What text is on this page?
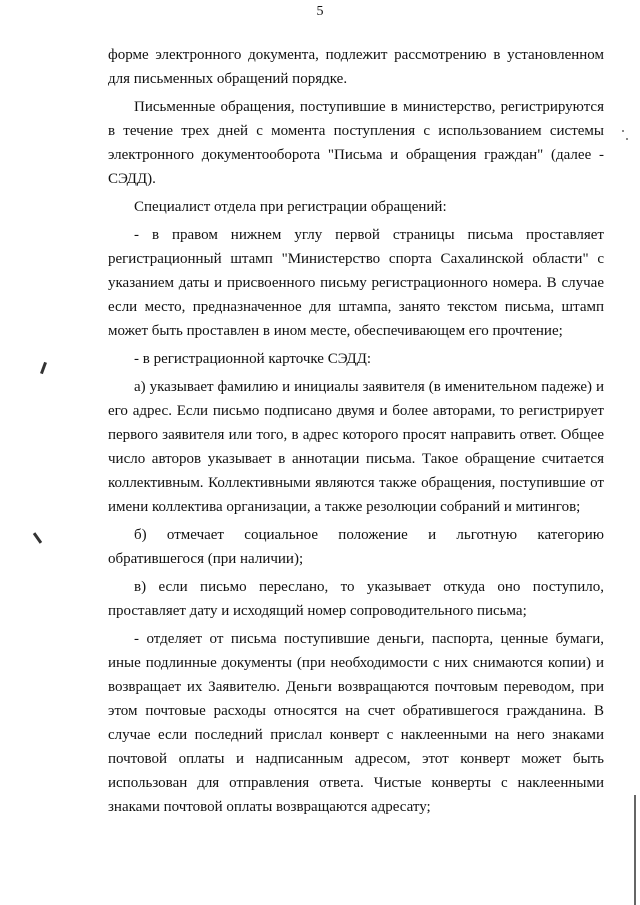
5

форме электронного документа, подлежит рассмотрению в установленном для письменных обращений порядке.

Письменные обращения, поступившие в министерство, регистрируются в течение трех дней с момента поступления с использованием системы электронного документооборота "Письма и обращения граждан" (далее - СЭДД).

Специалист отдела при регистрации обращений:

- в правом нижнем углу первой страницы письма проставляет регистрационный штамп "Министерство спорта Сахалинской области" с указанием даты и присвоенного письму регистрационного номера. В случае если место, предназначенное для штампа, занято текстом письма, штамп может быть проставлен в ином месте, обеспечивающем его прочтение;

- в регистрационной карточке СЭДД:

а) указывает фамилию и инициалы заявителя (в именительном падеже) и его адрес. Если письмо подписано двумя и более авторами, то регистрирует первого заявителя или того, в адрес которого просят направить ответ. Общее число авторов указывает в аннотации письма. Такое обращение считается коллективным. Коллективными являются также обращения, поступившие от имени коллектива организации, а также резолюции собраний и митингов;

б) отмечает социальное положение и льготную категорию обратившегося (при наличии);

в) если письмо переслано, то указывает откуда оно поступило, проставляет дату и исходящий номер сопроводительного письма;

- отделяет от письма поступившие деньги, паспорта, ценные бумаги, иные подлинные документы (при необходимости с них снимаются копии) и возвращает их Заявителю. Деньги возвращаются почтовым переводом, при этом почтовые расходы относятся на счет обратившегося гражданина. В случае если последний прислал конверт с наклеенными на него знаками почтовой оплаты и надписанным адресом, этот конверт может быть использован для отправления ответа. Чистые конверты с наклеенными знаками почтовой оплаты возвращаются адресату;
